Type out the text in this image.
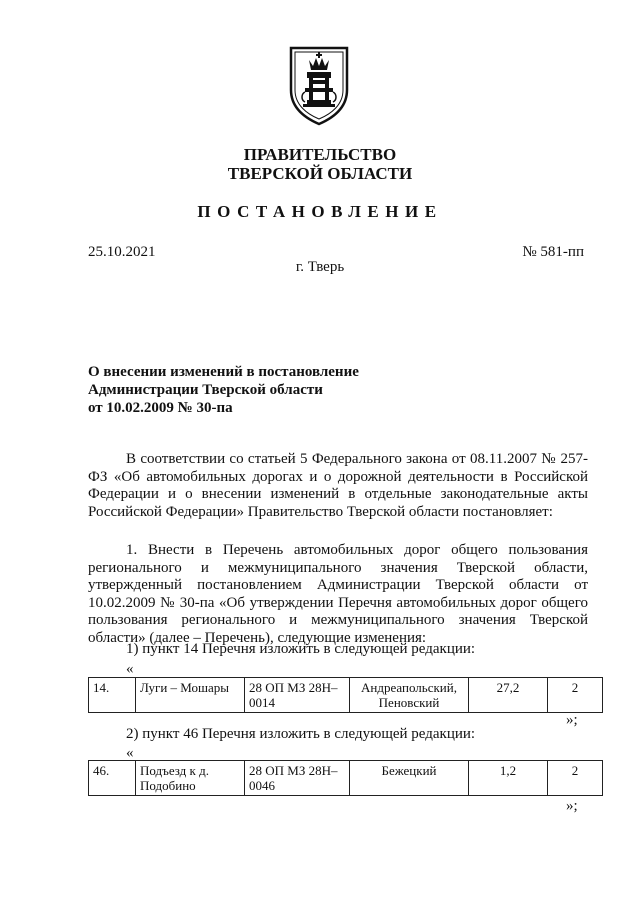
ПРАВИТЕЛЬСТВО
ТВЕРСКОЙ ОБЛАСТИ
ПОСТАНОВЛЕНИЕ
25.10.2021	№ 581-пп
г. Тверь
О внесении изменений в постановление
Администрации Тверской области
от 10.02.2009 № 30-па
В соответствии со статьей 5 Федерального закона от 08.11.2007 № 257-ФЗ «Об автомобильных дорогах и о дорожной деятельности в Российской Федерации и о внесении изменений в отдельные законодательные акты Российской Федерации» Правительство Тверской области постановляет:
1. Внести в Перечень автомобильных дорог общего пользования регионального и межмуниципального значения Тверской области, утвержденный постановлением Администрации Тверской области от 10.02.2009 № 30-па «Об утверждении Перечня автомобильных дорог общего пользования регионального и межмуниципального значения Тверской области» (далее – Перечень), следующие изменения:
1) пункт 14 Перечня изложить в следующей редакции:
«
14.	Луги – Мошары	28 ОП МЗ 28Н–0014	Андреапольский, Пеновский	27,2	2
»;
2) пункт 46 Перечня изложить в следующей редакции:
«
46.	Подъезд к д. Подобино	28 ОП МЗ 28Н–0046	Бежецкий	1,2	2
»;
